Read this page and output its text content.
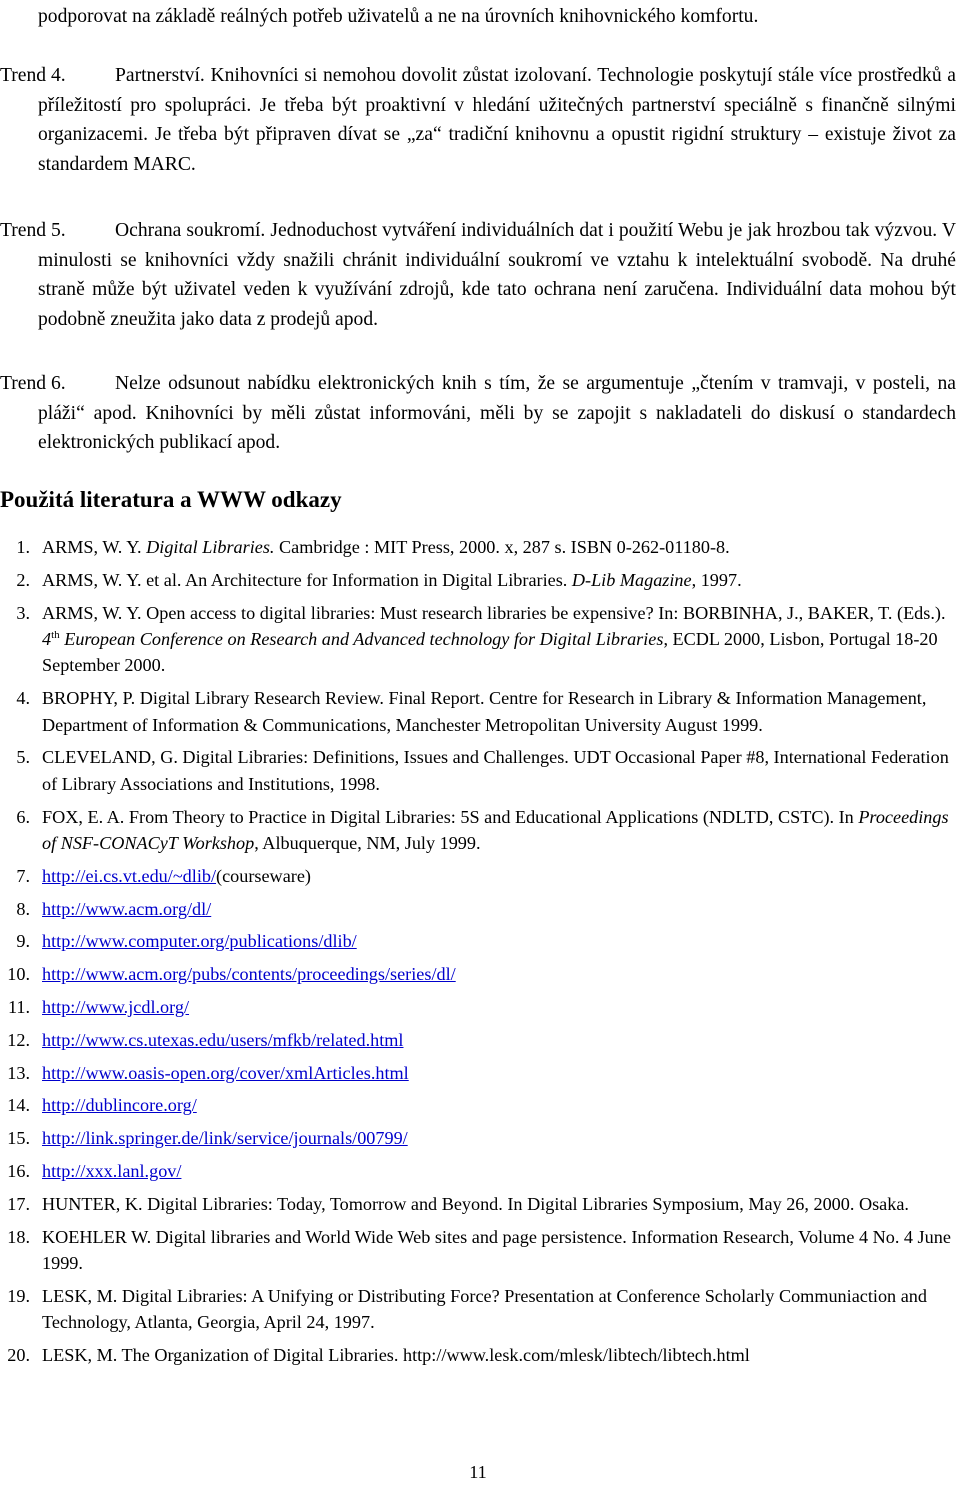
podporovat na základě reálných potřeb uživatelů a ne na úrovních knihovnického komfortu.
Trend 4.	Partnerství. Knihovníci si nemohou dovolit zůstat izolovaní. Technologie poskytují stále více prostředků a příležitostí pro spolupráci. Je třeba být proaktivní v hledání užitečných partnerství speciálně s finančně silnými organizacemi. Je třeba být připraven dívat se „za“ tradiční knihovnu a opustit rigidní struktury – existuje život za standardem MARC.
Trend 5.	Ochrana soukromí. Jednoduchost vytváření individuálních dat i použití Webu je jak hrozbou tak výzvou. V minulosti se knihovníci vždy snažili chránit individuální soukromí ve vztahu k intelektuální svobodě. Na druhé straně může být uživatel veden k využívání zdrojů, kde tato ochrana není zaručena. Individuální data mohou být podobně zneužita jako data z prodejů apod.
Trend 6.	Nelze odsunout nabídku elektronických knih s tím, že se argumentuje „čtením v tramvaji, v posteli, na pláži“ apod. Knihovníci by měli zůstat informováni, měli by se zapojit s nakladateli do diskusí o standardech elektronických publikací apod.
Použitá literatura a WWW odkazy
1. ARMS, W. Y. Digital Libraries. Cambridge : MIT Press, 2000. x, 287 s. ISBN 0-262-01180-8.
2. ARMS, W. Y. et al. An Architecture for Information in Digital Libraries. D-Lib Magazine, 1997.
3. ARMS, W. Y. Open access to digital libraries: Must research libraries be expensive? In: BORBINHA, J., BAKER, T. (Eds.). 4th European Conference on Research and Advanced technology for Digital Libraries, ECDL 2000, Lisbon, Portugal 18-20 September 2000.
4. BROPHY, P. Digital Library Research Review. Final Report. Centre for Research in Library & Information Management, Department of Information & Communications, Manchester Metropolitan University August 1999.
5. CLEVELAND, G. Digital Libraries: Definitions, Issues and Challenges. UDT Occasional Paper #8, International Federation of Library Associations and Institutions, 1998.
6. FOX, E. A. From Theory to Practice in Digital Libraries: 5S and Educational Applications (NDLTD, CSTC). In Proceedings of NSF-CONACyT Workshop, Albuquerque, NM, July 1999.
7. http://ei.cs.vt.edu/~dlib/(courseware)
8. http://www.acm.org/dl/
9. http://www.computer.org/publications/dlib/
10. http://www.acm.org/pubs/contents/proceedings/series/dl/
11. http://www.jcdl.org/
12. http://www.cs.utexas.edu/users/mfkb/related.html
13. http://www.oasis-open.org/cover/xmlArticles.html
14. http://dublincore.org/
15. http://link.springer.de/link/service/journals/00799/
16. http://xxx.lanl.gov/
17. HUNTER, K. Digital Libraries: Today, Tomorrow and Beyond. In Digital Libraries Symposium, May 26, 2000. Osaka.
18. KOEHLER W. Digital libraries and World Wide Web sites and page persistence. Information Research, Volume 4 No. 4 June 1999.
19. LESK, M. Digital Libraries: A Unifying or Distributing Force? Presentation at Conference Scholarly Communiaction and Technology, Atlanta, Georgia, April 24, 1997.
20. LESK, M. The Organization of Digital Libraries. http://www.lesk.com/mlesk/libtech/libtech.html
11
